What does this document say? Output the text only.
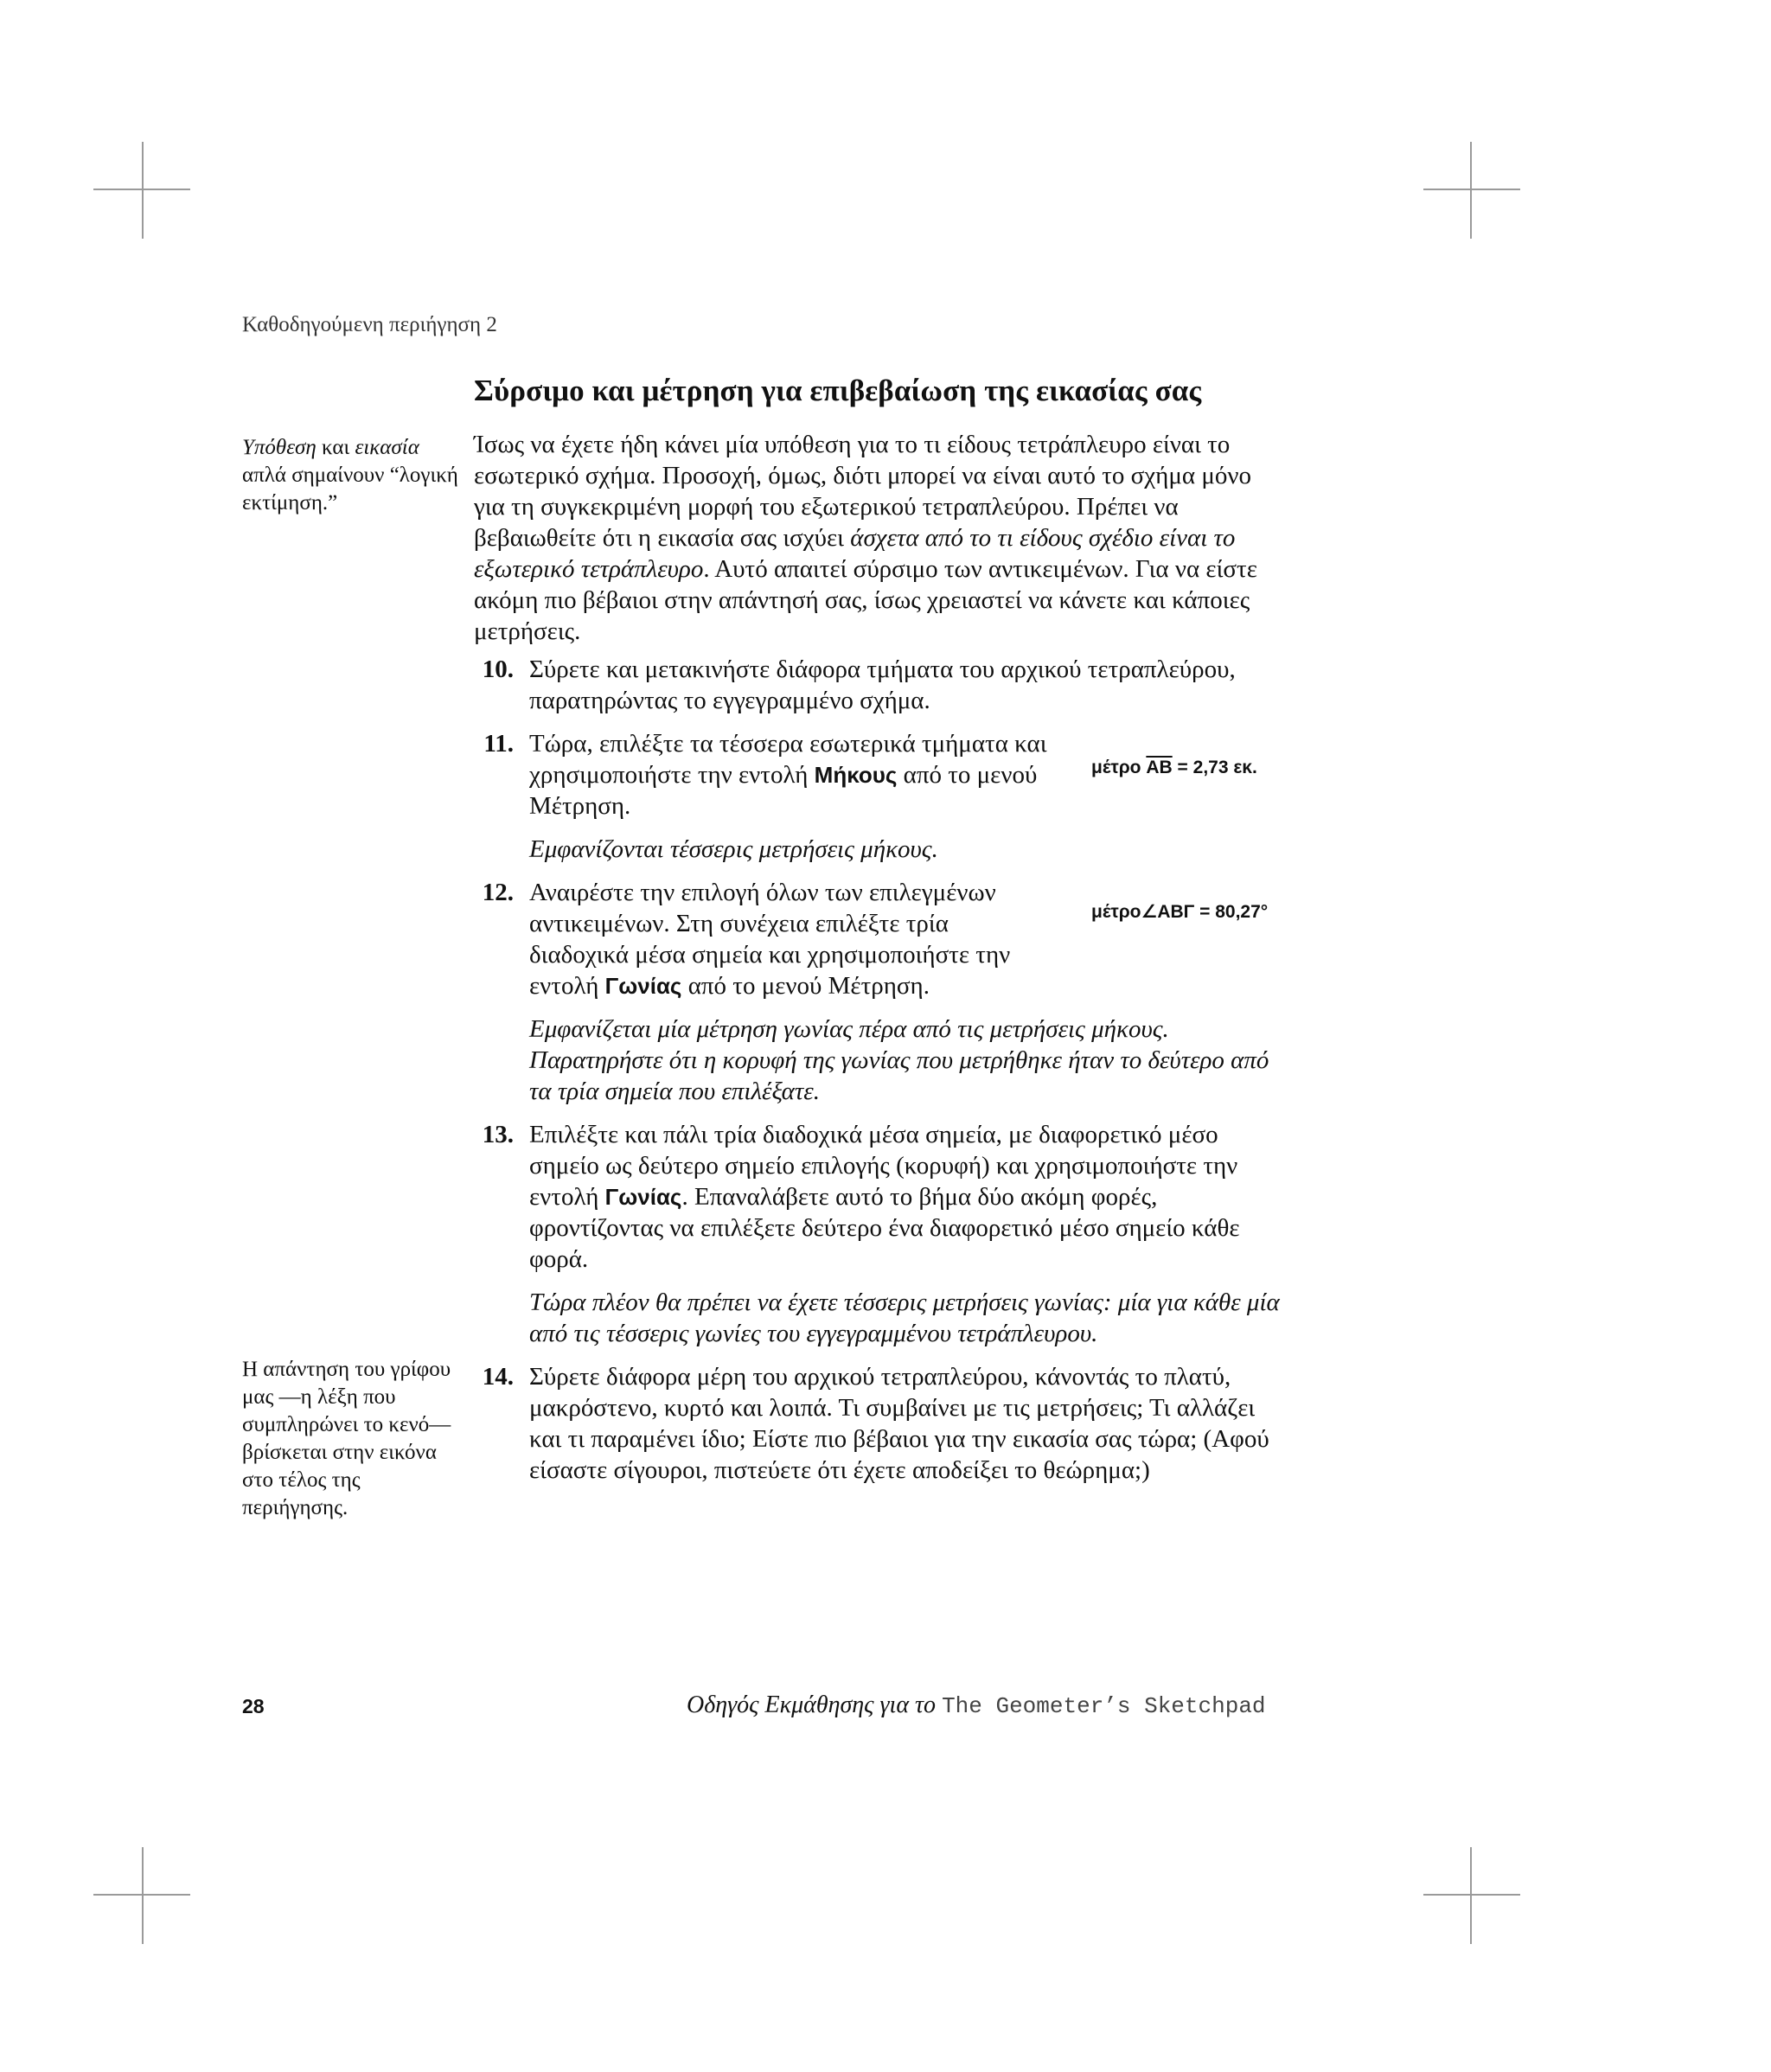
Καθοδηγούμενη περιήγηση 2
Σύρσιμο και μέτρηση για επιβεβαίωση της εικασίας σας
Υπόθεση και εικασία απλά σημαίνουν “λογική εκτίμηση.”
Η απάντηση του γρίφου μας —η λέξη που συμπληρώνει το κενό— βρίσκεται στην εικόνα στο τέλος της περιήγησης.

Ίσως να έχετε ήδη κάνει μία υπόθεση για το τι είδους τετράπλευρο είναι το εσωτερικό σχήμα. Προσοχή, όμως, διότι μπορεί να είναι αυτό το σχήμα μόνο για τη συγκεκριμένη μορφή του εξωτερικού τετραπλεύρου. Πρέπει να βεβαιωθείτε ότι η εικασία σας ισχύει άσχετα από το τι είδους σχέδιο είναι το εξωτερικό τετράπλευρο. Αυτό απαιτεί σύρσιμο των αντικειμένων. Για να είστε ακόμη πιο βέβαιοι στην απάντησή σας, ίσως χρειαστεί να κάνετε και κάποιες μετρήσεις.

10. Σύρετε και μετακινήστε διάφορα τμήματα του αρχικού τετραπλεύρου, παρατηρώντας το εγγεγραμμένο σχήμα.
11. Τώρα, επιλέξτε τα τέσσερα εσωτερικά τμήματα και χρησιμοποιήστε την εντολή Μήκους από το μενού Μέτρηση.
Εμφανίζονται τέσσερις μετρήσεις μήκους.
12. Αναιρέστε την επιλογή όλων των επιλεγμένων αντικειμένων. Στη συνέχεια επιλέξτε τρία διαδοχικά μέσα σημεία και χρησιμοποιήστε την εντολή Γωνίας από το μενού Μέτρηση.
Εμφανίζεται μία μέτρηση γωνίας πέρα από τις μετρήσεις μήκους. Παρατηρήστε ότι η κορυφή της γωνίας που μετρήθηκε ήταν το δεύτερο από τα τρία σημεία που επιλέξατε.
13. Επιλέξτε και πάλι τρία διαδοχικά μέσα σημεία, με διαφορετικό μέσο σημείο ως δεύτερο σημείο επιλογής (κορυφή) και χρησιμοποιήστε την εντολή Γωνίας. Επαναλάβετε αυτό το βήμα δύο ακόμη φορές, φροντίζοντας να επιλέξετε δεύτερο ένα διαφορετικό μέσο σημείο κάθε φορά.
Τώρα πλέον θα πρέπει να έχετε τέσσερις μετρήσεις γωνίας: μία για κάθε μία από τις τέσσερις γωνίες του εγγεγραμμένου τετράπλευρου.
14. Σύρετε διάφορα μέρη του αρχικού τετραπλεύρου, κάνοντάς το πλατύ, μακρόστενο, κυρτό και λοιπά. Τι συμβαίνει με τις μετρήσεις; Τι αλλάζει και τι παραμένει ίδιο; Είστε πιο βέβαιοι για την εικασία σας τώρα; (Αφού είσαστε σίγουροι, πιστεύετε ότι έχετε αποδείξει το θεώρημα;)
μέτρο $\overline{AB} = 2,73$ εκ.
μέτρο∠ΑΒΓ = 80,27°
28	Οδηγός Εκμάθησης για το The Geometer’s Sketchpad
